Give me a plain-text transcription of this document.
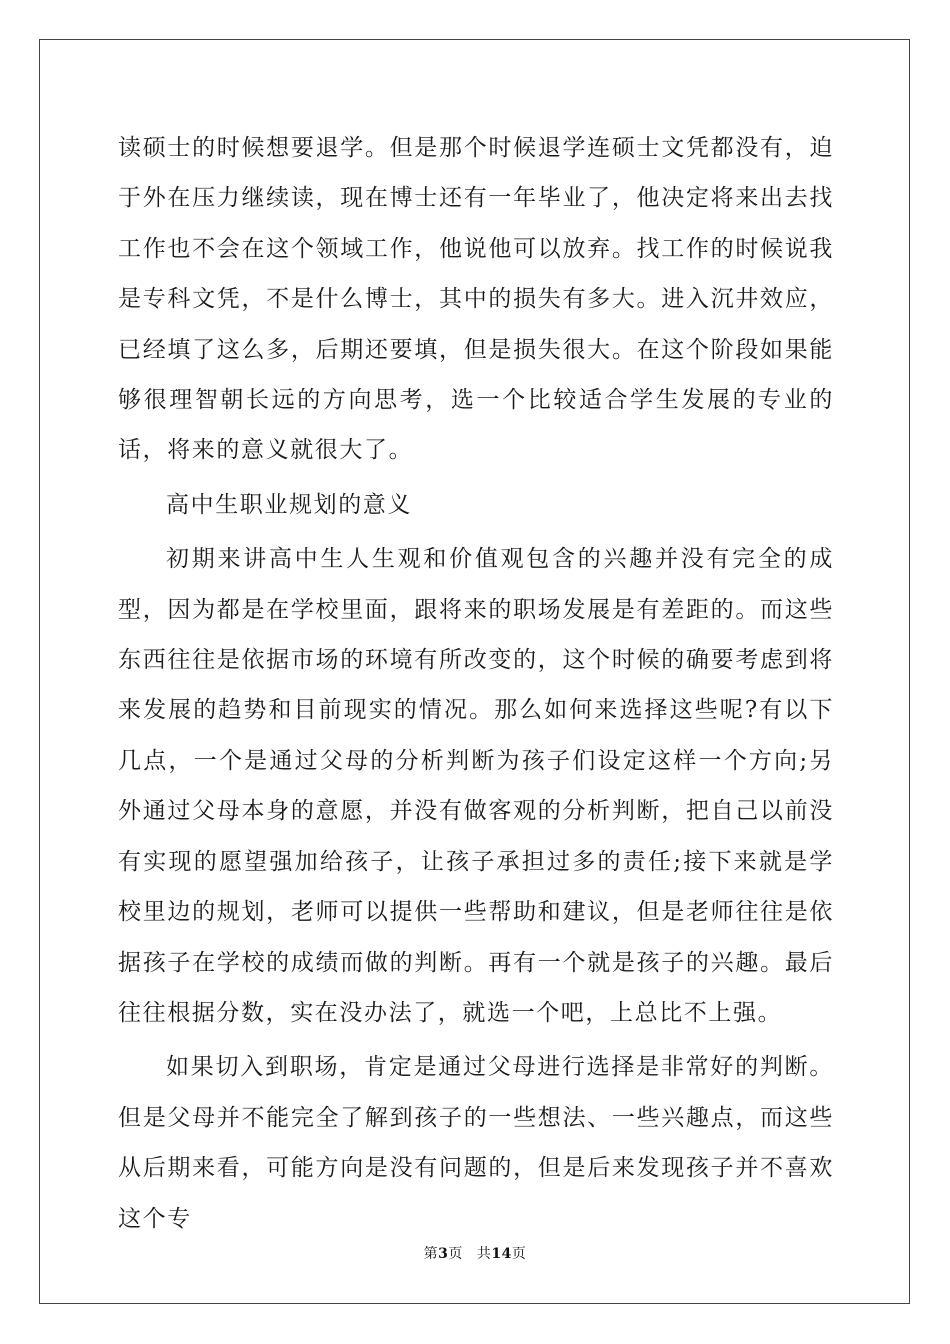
读硕士的时候想要退学。但是那个时候退学连硕士文凭都没有，迫于外在压力继续读，现在博士还有一年毕业了，他决定将来出去找工作也不会在这个领域工作，他说他可以放弃。找工作的时候说我是专科文凭，不是什么博士，其中的损失有多大。进入沉井效应，已经填了这么多，后期还要填，但是损失很大。在这个阶段如果能够很理智朝长远的方向思考，选一个比较适合学生发展的专业的话，将来的意义就很大了。

高中生职业规划的意义

初期来讲高中生人生观和价值观包含的兴趣并没有完全的成型，因为都是在学校里面，跟将来的职场发展是有差距的。而这些东西往往是依据市场的环境有所改变的，这个时候的确要考虑到将来发展的趋势和目前现实的情况。那么如何来选择这些呢?有以下几点，一个是通过父母的分析判断为孩子们设定这样一个方向;另外通过父母本身的意愿，并没有做客观的分析判断，把自己以前没有实现的愿望强加给孩子，让孩子承担过多的责任;接下来就是学校里边的规划，老师可以提供一些帮助和建议，但是老师往往是依据孩子在学校的成绩而做的判断。再有一个就是孩子的兴趣。最后往往根据分数，实在没办法了，就选一个吧，上总比不上强。

如果切入到职场，肯定是通过父母进行选择是非常好的判断。但是父母并不能完全了解到孩子的一些想法、一些兴趣点，而这些从后期来看，可能方向是没有问题的，但是后来发现孩子并不喜欢这个专

第3页 共14页
